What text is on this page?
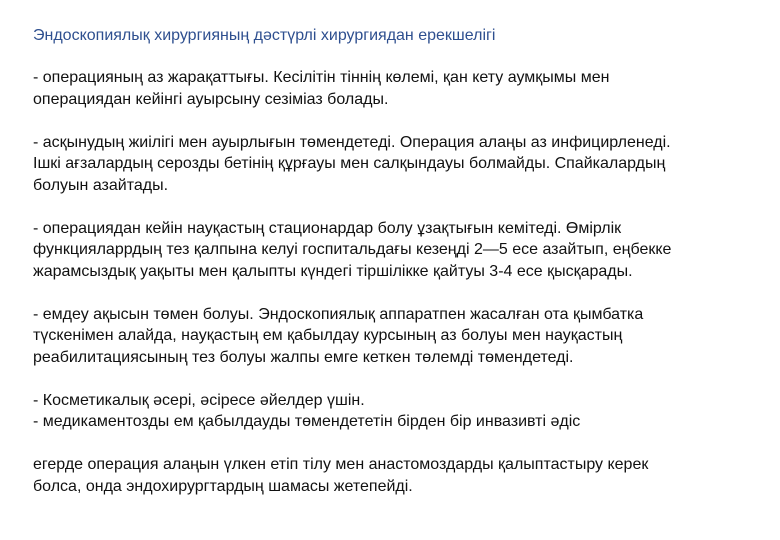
Эндоскопиялық хирургияның дәстүрлі хирургиядан ерекшелігі

- операцияның аз жарақаттығы. Кесілітін тіннің көлемі, қан кету аумқымы мен
операциядан кейінгі ауырсыну сезіміаз болады.

- асқынудың жиілігі мен ауырлығын төмендетеді. Операция алаңы аз инфицирленеді.
Ішкі ағзалардың серозды бетінің құрғауы мен салқындауы болмайды. Спайкалардың
болуын азайтады.

- операциядан кейін науқастың стационардар болу ұзақтығын кемітеді. Өмірлік
функцияларрдың тез қалпына келуі госпитальдағы кезеңді 2—5 есе азайтып, еңбекке
жарамсыздық уақыты мен қалыпты күндегі тіршілікке қайтуы 3-4 есе қысқарады.

- емдеу ақысын төмен болуы. Эндоскопиялық аппаратпен жасалған ота қымбатка
түскенімен алайда, науқастың ем қабылдау курсының аз болуы мен науқастың
реабилитациясының тез болуы жалпы емге кеткен төлемді төмендетеді.

- Косметикалық әсері, әсіресе әйелдер үшін.
- медикаментозды ем қабылдауды төмендететін бірден бір инвазивті әдіс

егерде операция алаңын үлкен етіп тілу мен анастомоздарды қалыптастыру керек
болса, онда эндохирургтардың шамасы жетепейді.
